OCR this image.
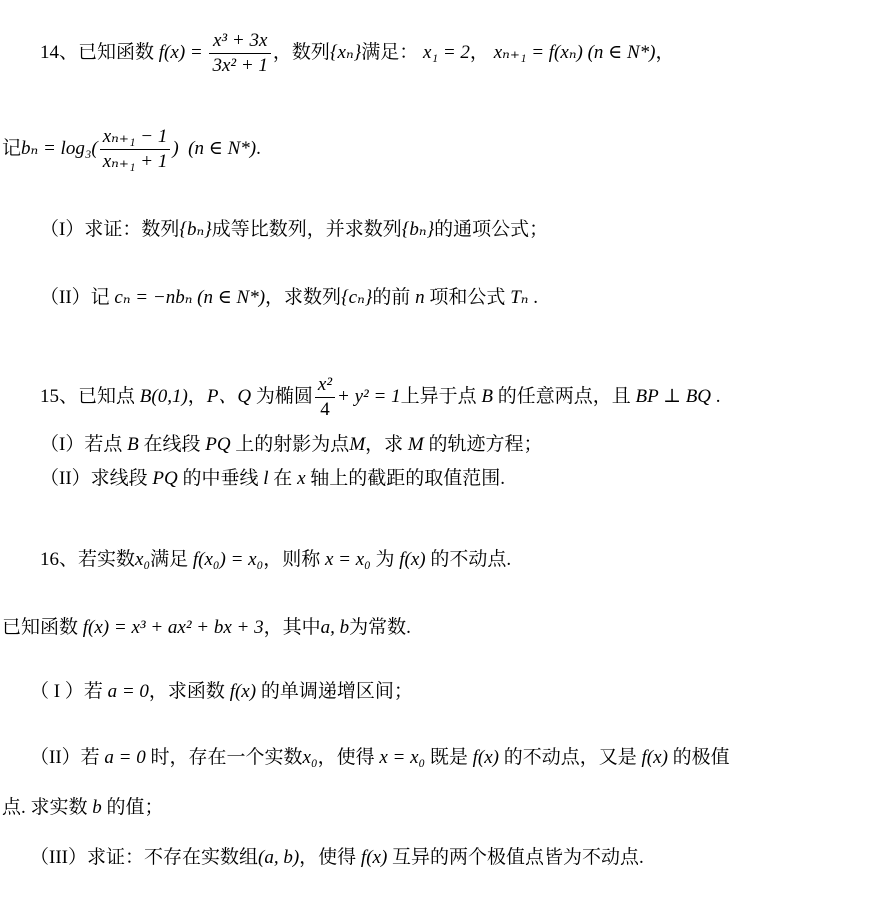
14、已知函数 $f(x) = \frac{\text{x³ + 3x}}{\text{3x² + 1}}$ ，数列{xₙ}满足： x₁ = 2， xₙ₊₁ = f(xₙ) (n ∈ N*)，
记$b_n = \log_3( \frac{\text{xₙ₊₁ − 1}}{\text{xₙ₊₁ + 1}}$ ) (n ∈ N*).
（I）求证：数列{bₙ}成等比数列，并求数列{bₙ}的通项公式；
（II）记 cₙ = −nbₙ (n ∈ N*)，求数列{cₙ}的前 n 项和公式 Tₙ .
15、已知点 B(0,1)，P、Q 为椭圆 $\frac{\text{x²}}{4} + y^2 = 1$上异于点 B 的任意两点，且 BP ⊥ BQ .
（I）若点 B 在线段 PQ 上的射影为点M，求 M 的轨迹方程；
（II）求线段 PQ 的中垂线 l 在 x 轴上的截距的取值范围.
16、若实数x₀满足 f(x₀) = x₀，则称 x = x₀ 为 f(x) 的不动点.
已知函数 f(x) = x³ + ax² + bx + 3，其中a, b为常数.
（ I ）若 a = 0，求函数 f(x) 的单调递增区间；
（II）若 a = 0 时，存在一个实数x₀，使得 x = x₀ 既是 f(x) 的不动点，又是 f(x) 的极值
点. 求实数 b 的值；
（III）求证：不存在实数组(a, b)，使得 f(x) 互异的两个极值点皆为不动点.
